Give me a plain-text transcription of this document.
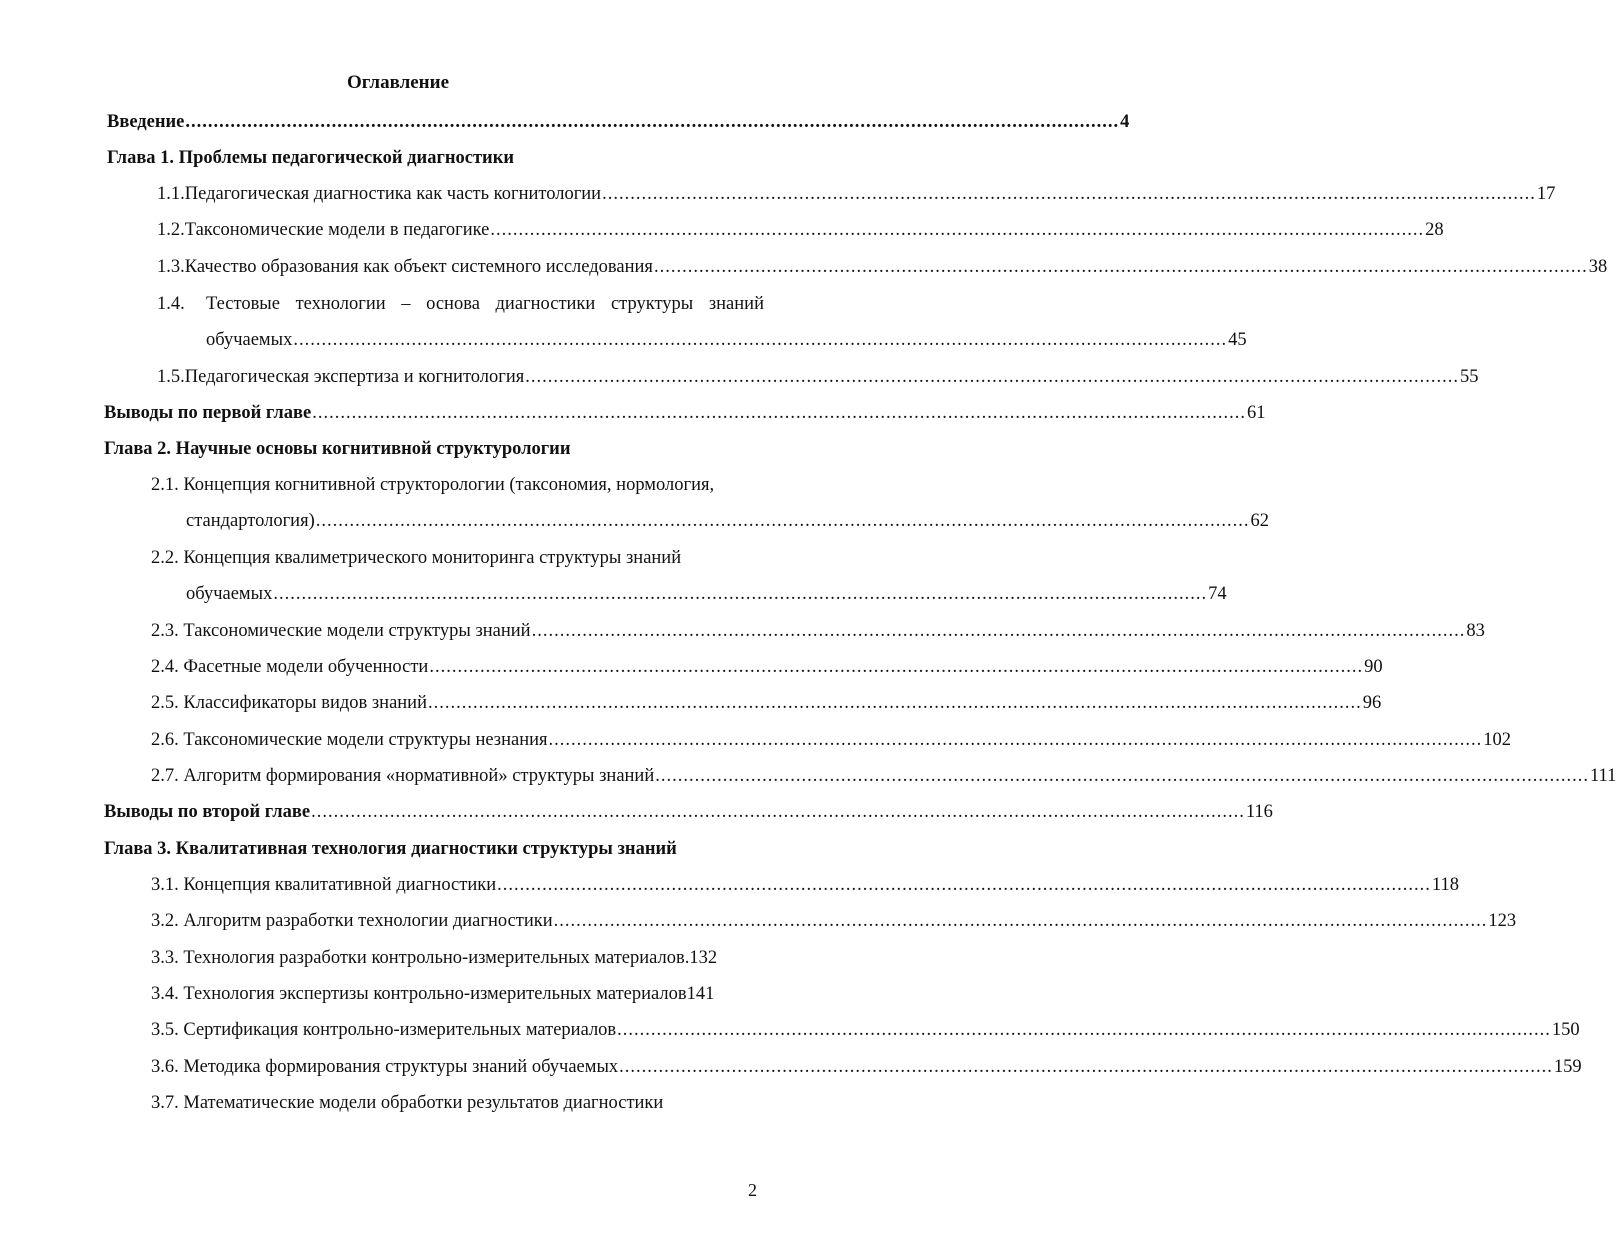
Оглавление
Введение ...................................................................................................................................................................... 4
Глава 1. Проблемы педагогической диагностики
1.1. Педагогическая диагностика как часть когнитологии ...................................................................................................................................................................... 17
1.2. Таксономические модели в педагогике ...................................................................................................................................................................... 28
1.3. Качество образования как объект системного исследования ...................................................................................................................................................................... 38
1.4. Тестовые технологии – основа диагностики структуры знаний
обучаемых ...................................................................................................................................................................... 45
1.5. Педагогическая экспертиза и когнитология ...................................................................................................................................................................... 55
Выводы по первой главе ...................................................................................................................................................................... 61
Глава 2. Научные основы когнитивной структурологии
2.1. Концепция когнитивной структорологии (таксономия, нормология,
стандартология) ...................................................................................................................................................................... 62
2.2. Концепция квалиметрического мониторинга структуры знаний
обучаемых ...................................................................................................................................................................... 74
2.3. Таксономические модели структуры знаний ...................................................................................................................................................................... 83
2.4. Фасетные модели обученности ...................................................................................................................................................................... 90
2.5. Классификаторы видов знаний ...................................................................................................................................................................... 96
2.6. Таксономические модели структуры незнания ...................................................................................................................................................................... 102
2.7. Алгоритм формирования «нормативной» структуры знаний ...................................................................................................................................................................... 111
Выводы по второй главе ...................................................................................................................................................................... 116
Глава 3. Квалитативная технология диагностики структуры знаний
3.1. Концепция квалитативной диагностики ...................................................................................................................................................................... 118
3.2. Алгоритм разработки технологии диагностики ...................................................................................................................................................................... 123
3.3. Технология разработки контрольно-измерительных материалов.132
3.4. Технология экспертизы контрольно-измерительных материалов141
3.5. Сертификация контрольно-измерительных материалов ...................................................................................................................................................................... 150
3.6. Методика формирования структуры знаний обучаемых ...................................................................................................................................................................... 159
3.7. Математические модели обработки результатов диагностики
2
